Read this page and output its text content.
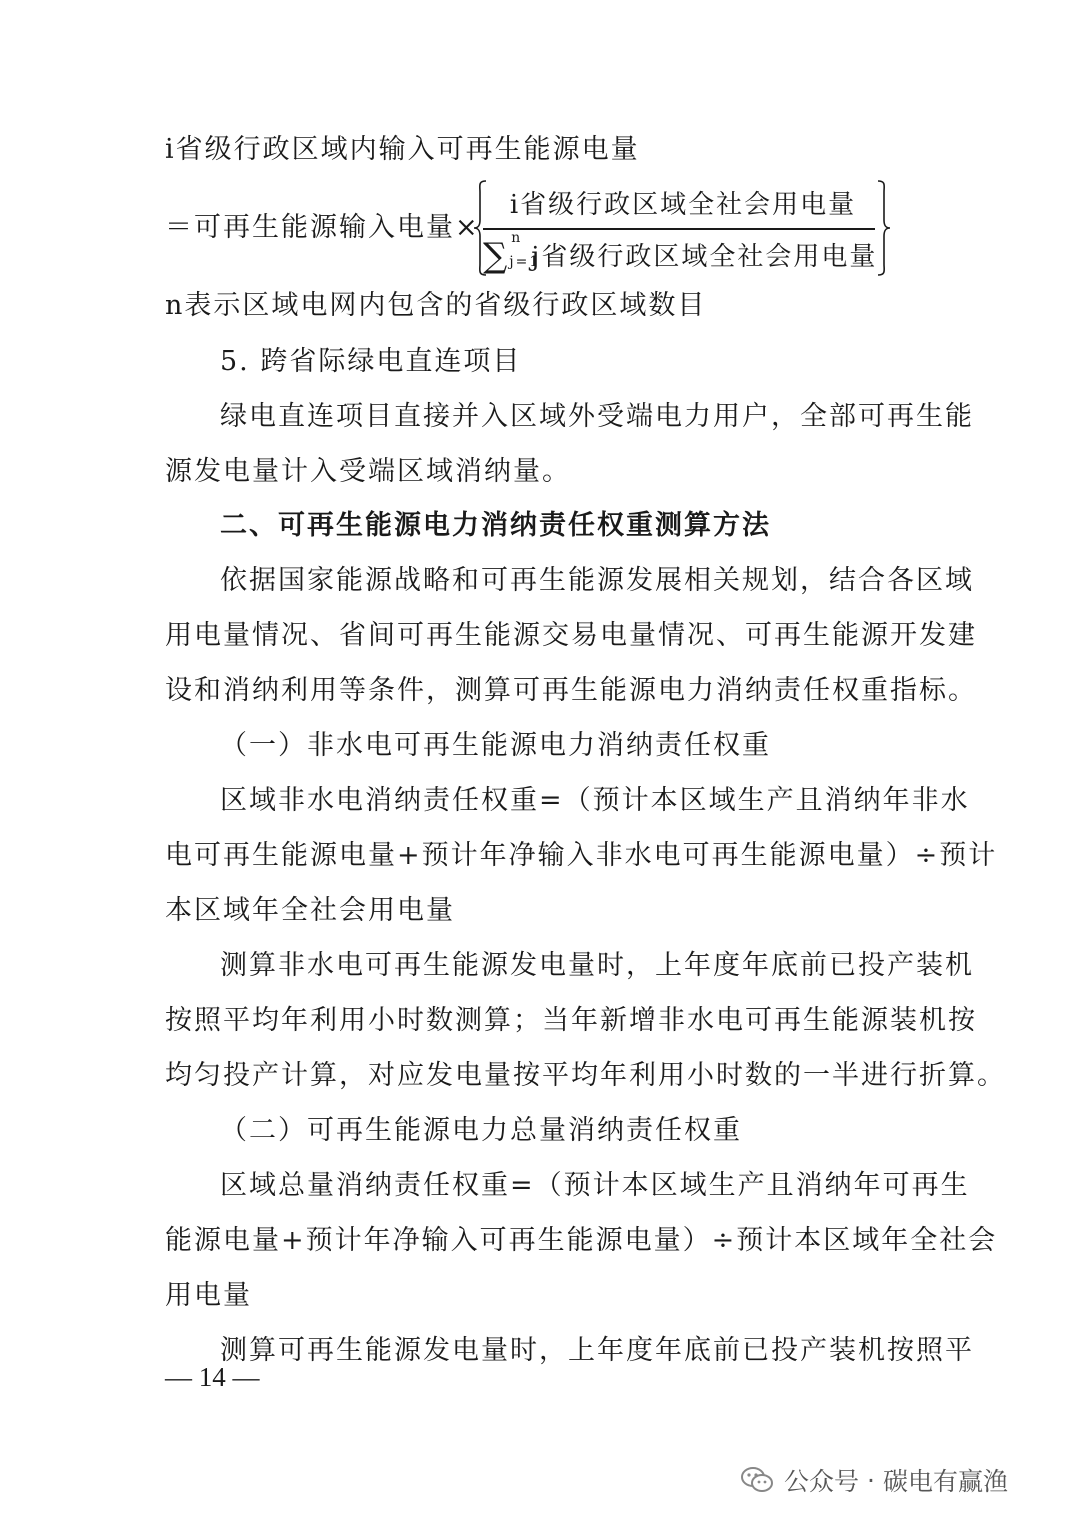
i省级行政区域内输入可再生能源电量
n表示区域电网内包含的省级行政区域数目
5. 跨省际绿电直连项目
绿电直连项目直接并入区域外受端电力用户，全部可再生能
源发电量计入受端区域消纳量。
二、可再生能源电力消纳责任权重测算方法
依据国家能源战略和可再生能源发展相关规划，结合各区域
用电量情况、省间可再生能源交易电量情况、可再生能源开发建
设和消纳利用等条件，测算可再生能源电力消纳责任权重指标。
（一）非水电可再生能源电力消纳责任权重
区域非水电消纳责任权重=（预计本区域生产且消纳年非水
电可再生能源电量+预计年净输入非水电可再生能源电量）÷预计
本区域年全社会用电量
测算非水电可再生能源发电量时，上年度年底前已投产装机
按照平均年利用小时数测算；当年新增非水电可再生能源装机按
均匀投产计算，对应发电量按平均年利用小时数的一半进行折算。
（二）可再生能源电力总量消纳责任权重
区域总量消纳责任权重=（预计本区域生产且消纳年可再生
能源电量+预计年净输入可再生能源电量）÷预计本区域年全社会
用电量
测算可再生能源发电量时，上年度年底前已投产装机按照平
＝可再生能源输入电量×
i省级行政区域全社会用电量
∑ n
j=1
j省级行政区域全社会用电量
— 14 —
公众号 · 碳电有赢渔
